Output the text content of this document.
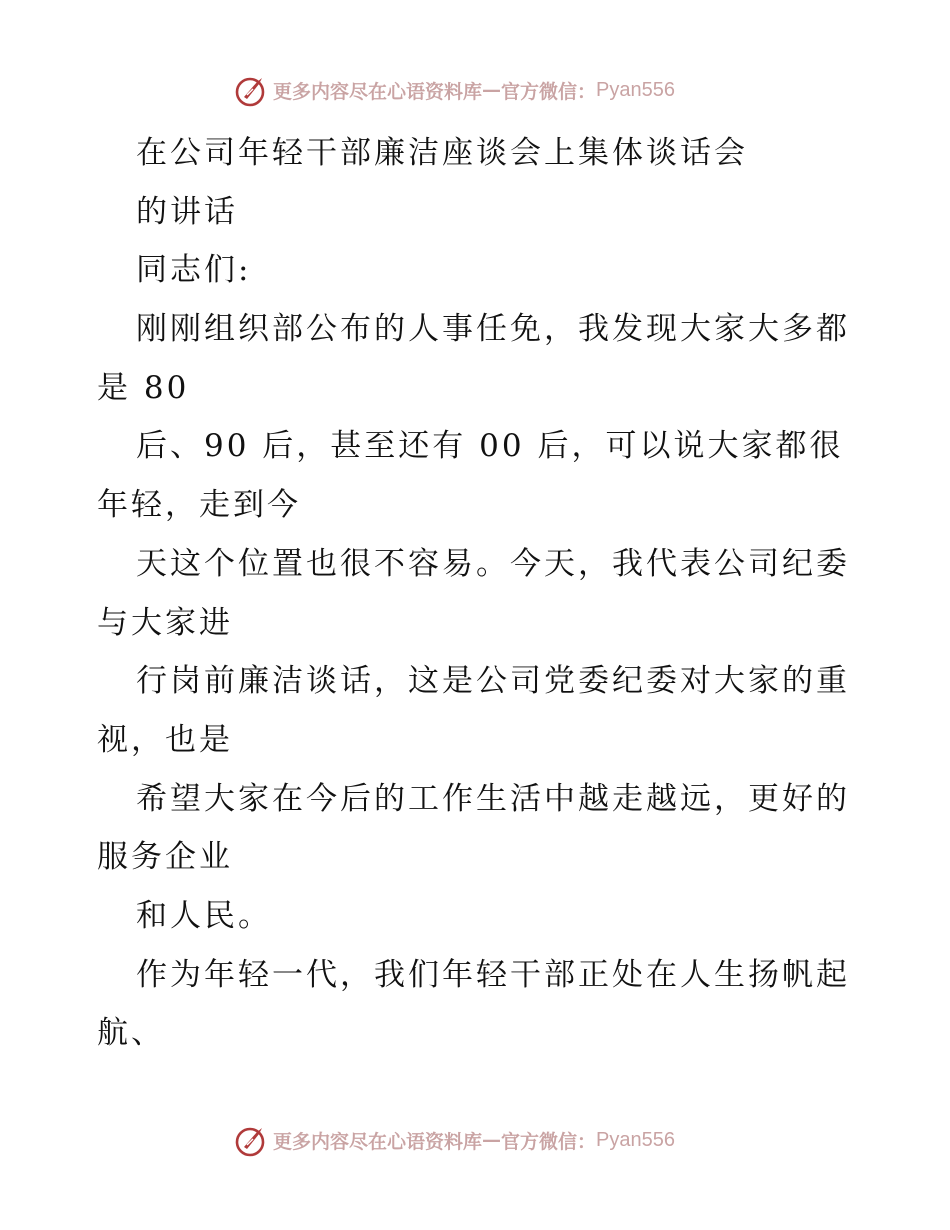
更多内容尽在心语资料库 — 官方微信： Pyan556
在公司年轻干部廉洁座谈会上集体谈话会
的讲话
同志们:
刚刚组织部公布的人事任免，我发现大家大多都
是 80
后、90 后，甚至还有 00 后，可以说大家都很
年轻，走到今
天这个位置也很不容易。今天，我代表公司纪委
与大家进
行岗前廉洁谈话，这是公司党委纪委对大家的重
视，也是
希望大家在今后的工作生活中越走越远，更好的
服务企业
和人民。
作为年轻一代，我们年轻干部正处在人生扬帆起
航、
更多内容尽在心语资料库 — 官方微信： Pyan556
